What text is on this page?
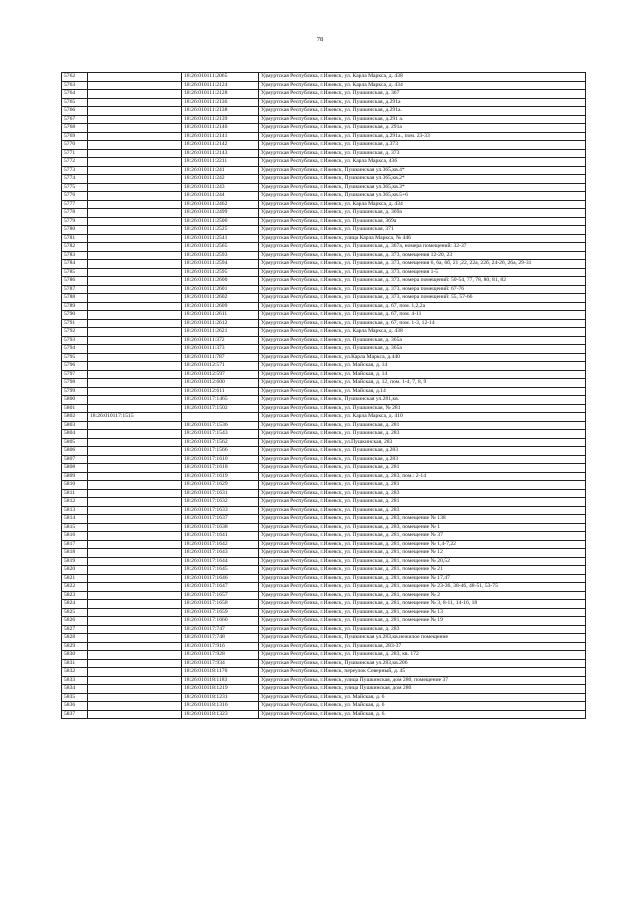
78
5762		18:26:010111:2065	Удмуртская Республика, г.Ижевск, ул. Карла Маркса, д. 438
5763		18:26:010111:2124	Удмуртская Республика, г.Ижевск, ул. Карла Маркса, д. 434
5764		18:26:010111:2128	Удмуртская Республика, г.Ижевск, ул. Пушкинская, д. 367
5765		18:26:010111:2136	Удмуртская Республика, г.Ижевск, ул. Пушкинская, д.291а
5766		18:26:010111:2138	Удмуртская Республика, г.Ижевск, ул. Пушкинская, д.291а.
5767		18:26:010111:2139	Удмуртская Республика, г.Ижевск, ул. Пушкинская, д.291 а.
5768		18:26:010111:2140	Удмуртская Республика, г.Ижевск, ул. Пушкинская, д. 291а
5769		18:26:010111:2141	Удмуртская Республика, г.Ижевск, ул. Пушкинская, д.291а., пом. 23-33
5770		18:26:010111:2142	Удмуртская Республика, г.Ижевск, ул. Пушкинская, д.373
5771		18:26:010111:2143	Удмуртская Республика, г.Ижевск, ул. Пушкинская, д. 373
5772		18:26:010111:2211	Удмуртская Республика, г.Ижевск, ул. Карла Маркса, 436
5773		18:26:010111:241	Удмуртская Республика, г.Ижевск, Пушкинская ул.365,кв.4*
5774		18:26:010111:242	Удмуртская Республика, г.Ижевск, Пушкинская ул.365,кв.2*
5775		18:26:010111:243	Удмуртская Республика, г.Ижевск, Пушкинская ул.365,кв.3*
5776		18:26:010111:244	Удмуртская Республика, г.Ижевск, Пушкинская ул.365,кв.5+6
5777		18:26:010111:2462	Удмуртская Республика, г.Ижевск, ул. Карла Маркса, д. 434
5778		18:26:010111:2499	Удмуртская Республика, г.Ижевск, ул. Пушкинская, д. 369а
5779		18:26:010111:2500	Удмуртская Республика, г.Ижевск, ул. Пушкинская, 369а
5780		18:26:010111:2525	Удмуртская Республика, г.Ижевск, ул. Пушкинская, 371
5781		18:26:010111:2541	Удмуртская Республика, г.Ижевск, улица Карла Маркса, № 446
5782		18:26:010111:2565	Удмуртская Республика, г.Ижевск, ул. Пушкинская, д. 367а, номера помещений: 32-37
5783		18:26:010111:2593	Удмуртская Республика, г.Ижевск, ул. Пушкинская, д. 373, помещения 12-20, 23
5784		18:26:010111:2594	Удмуртская Республика, г.Ижевск, ул. Пушкинская, д. 373, помещения 6, 6а, 6б, 21 ,22, 22а, 22б, 24-26, 26а, 29-31
5785		18:26:010111:2595	Удмуртская Республика, г.Ижевск, ул. Пушкинская, д. 373, помещения 1-5
5786		18:26:010111:2600	Удмуртская Республика, г.Ижевск, ул. Пушкинская, д. 373, номера помещений: 50-54, 77, 78, 80, 81, 82
5787		18:26:010111:2601	Удмуртская Республика, г.Ижевск, ул. Пушкинская, д. 373, номера помещений: 67-76
5788		18:26:010111:2602	Удмуртская Республика, г.Ижевск, ул. Пушкинская, д. 373, номера помещений: 55, 57-66
5789		18:26:010111:2609	Удмуртская Республика, г.Ижевск, ул. Пушкинская, д. 67, пом. 1,2,2а
5790		18:26:010111:2611	Удмуртская Республика, г.Ижевск, ул. Пушкинская, д. 67, пом. 4-11
5791		18:26:010111:2612	Удмуртская Республика, г.Ижевск, ул. Пушкинская, д. 67, пом. 1-3, 12-14
5792		18:26:010111:2621	Удмуртская Республика, г.Ижевск, ул. Карла Маркса, д. 438
5793		18:26:010111:372	Удмуртская Республика, г.Ижевск, ул. Пушкинская, д. 365а
5794		18:26:010111:373	Удмуртская Республика, г.Ижевск, ул. Пушкинская, д. 365а
5795		18:26:010111:787	Удмуртская Республика, г.Ижевск, ул.Карла Маркса, д.440
5796		18:26:010112:571	Удмуртская Республика, г.Ижевск, ул. Майская, д. 14
5797		18:26:010112:597	Удмуртская Республика, г.Ижевск, ул. Майская, д. 14
5798		18:26:010112:600	Удмуртская Республика, г.Ижевск, ул. Майская, д. 12, пом. 1-4, 7, 8, 9
5799		18:26:010112:611	Удмуртская Республика, г.Ижевск, ул. Майская, д.14
5800		18:26:010117:1465	Удмуртская Республика, г.Ижевск, Пушкинская ул.281,кв.
5801		18:26:010117:1502	Удмуртская Республика, г.Ижевск, ул. Пушкинская, № 281
5802	18:26:010117:1515		Удмуртская Республика, г.Ижевск, ул. Карла Маркса, д. 410
5803		18:26:010117:1536	Удмуртская Республика, г.Ижевск, ул. Пушкинская, д. 281
5804		18:26:010117:1543	Удмуртская Республика, г.Ижевск, ул. Пушкинская, д. 283
5805		18:26:010117:1562	Удмуртская Республика, г.Ижевск, ул.Пушкинская, 283
5806		18:26:010117:1566	Удмуртская Республика, г.Ижевск, ул. Пушкинская, д.283
5807		18:26:010117:1610	Удмуртская Республика, г.Ижевск, ул. Пушкинская, д.283
5808		18:26:010117:1618	Удмуртская Республика, г.Ижевск, ул. Пушкинская, д. 281
5809		18:26:010117:1619	Удмуртская Республика, г.Ижевск, ул. Пушкинская, д. 283, пом.: 2-14
5810		18:26:010117:1629	Удмуртская Республика, г.Ижевск, ул. Пушкинская, д. 281
5811		18:26:010117:1631	Удмуртская Республика, г.Ижевск, ул. Пушкинская, д. 283
5812		18:26:010117:1632	Удмуртская Республика, г.Ижевск, ул. Пушкинская, д. 281
5813		18:26:010117:1633	Удмуртская Республика, г.Ижевск, ул. Пушкинская, д. 283
5814		18:26:010117:1637	Удмуртская Республика, г.Ижевск, ул. Пушкинская, д. 283, помещение № 138
5815		18:26:010117:1638	Удмуртская Республика, г.Ижевск, ул. Пушкинская, д. 283, помещение № 1
5816		18:26:010117:1641	Удмуртская Республика, г.Ижевск, ул. Пушкинская, д. 281, помещение № 37
5817		18:26:010117:1642	Удмуртская Республика, г.Ижевск, ул. Пушкинская, д. 281, помещение № 1,4-7,22
5818		18:26:010117:1643	Удмуртская Республика, г.Ижевск, ул. Пушкинская, д. 281, помещение № 12
5819		18:26:010117:1644	Удмуртская Республика, г.Ижевск, ул. Пушкинская, д. 281, помещение № 20,52
5820		18:26:010117:1645	Удмуртская Республика, г.Ижевск, ул. Пушкинская, д. 281, помещение № 21
5821		18:26:010117:1646	Удмуртская Республика, г.Ижевск, ул. Пушкинская, д. 281, помещение № 17,47
5822		18:26:010117:1647	Удмуртская Республика, г.Ижевск, ул. Пушкинская, д. 281, помещение № 23-36, 38-46, 48-51, 53-75
5823		18:26:010117:1657	Удмуртская Республика, г.Ижевск, ул. Пушкинская, д. 281, помещение № 2
5824		18:26:010117:1658	Удмуртская Республика, г.Ижевск, ул. Пушкинская, д. 281, помещение № 3, 8-11, 14-16, 18
5825		18:26:010117:1659	Удмуртская Республика, г.Ижевск, ул. Пушкинская, д. 281, помещение № 13
5826		18:26:010117:1660	Удмуртская Республика, г.Ижевск, ул. Пушкинская, д. 281, помещение № 19
5827		18:26:010117:747	Удмуртская Республика, г.Ижевск, ул. Пушкинская, д. 283
5828		18:26:010117:748	Удмуртская Республика, г.Ижевск, Пушкинская ул.283,кв.нежилое помещение
5829		18:26:010117:916	Удмуртская Республика, г.Ижевск, ул. Пушкинская, 283-37
5830		18:26:010117:928	Удмуртская Республика, г.Ижевск, ул. Пушкинская, д. 283, кв. 172
5831		18:26:010117:934	Удмуртская Республика, г.Ижевск, Пушкинская ул.283,кв.206
5832		18:26:010118:1170	Удмуртская Республика, г.Ижевск, переулок Северный, д. 45
5833		18:26:010118:1183	Удмуртская Республика, г.Ижевск, улица Пушкинская, дом 280, помещение 37
5834		18:26:010118:1219	Удмуртская Республика, г.Ижевск, улица Пушкинская, дом 280
5835		18:26:010118:1231	Удмуртская Республика, г.Ижевск, ул. Майская, д. 6
5836		18:26:010118:1316	Удмуртская Республика, г.Ижевск, ул. Майская, д. 6
5837		18:26:010118:1323	Удмуртская Республика, г.Ижевск, ул. Майская, д. 6.
